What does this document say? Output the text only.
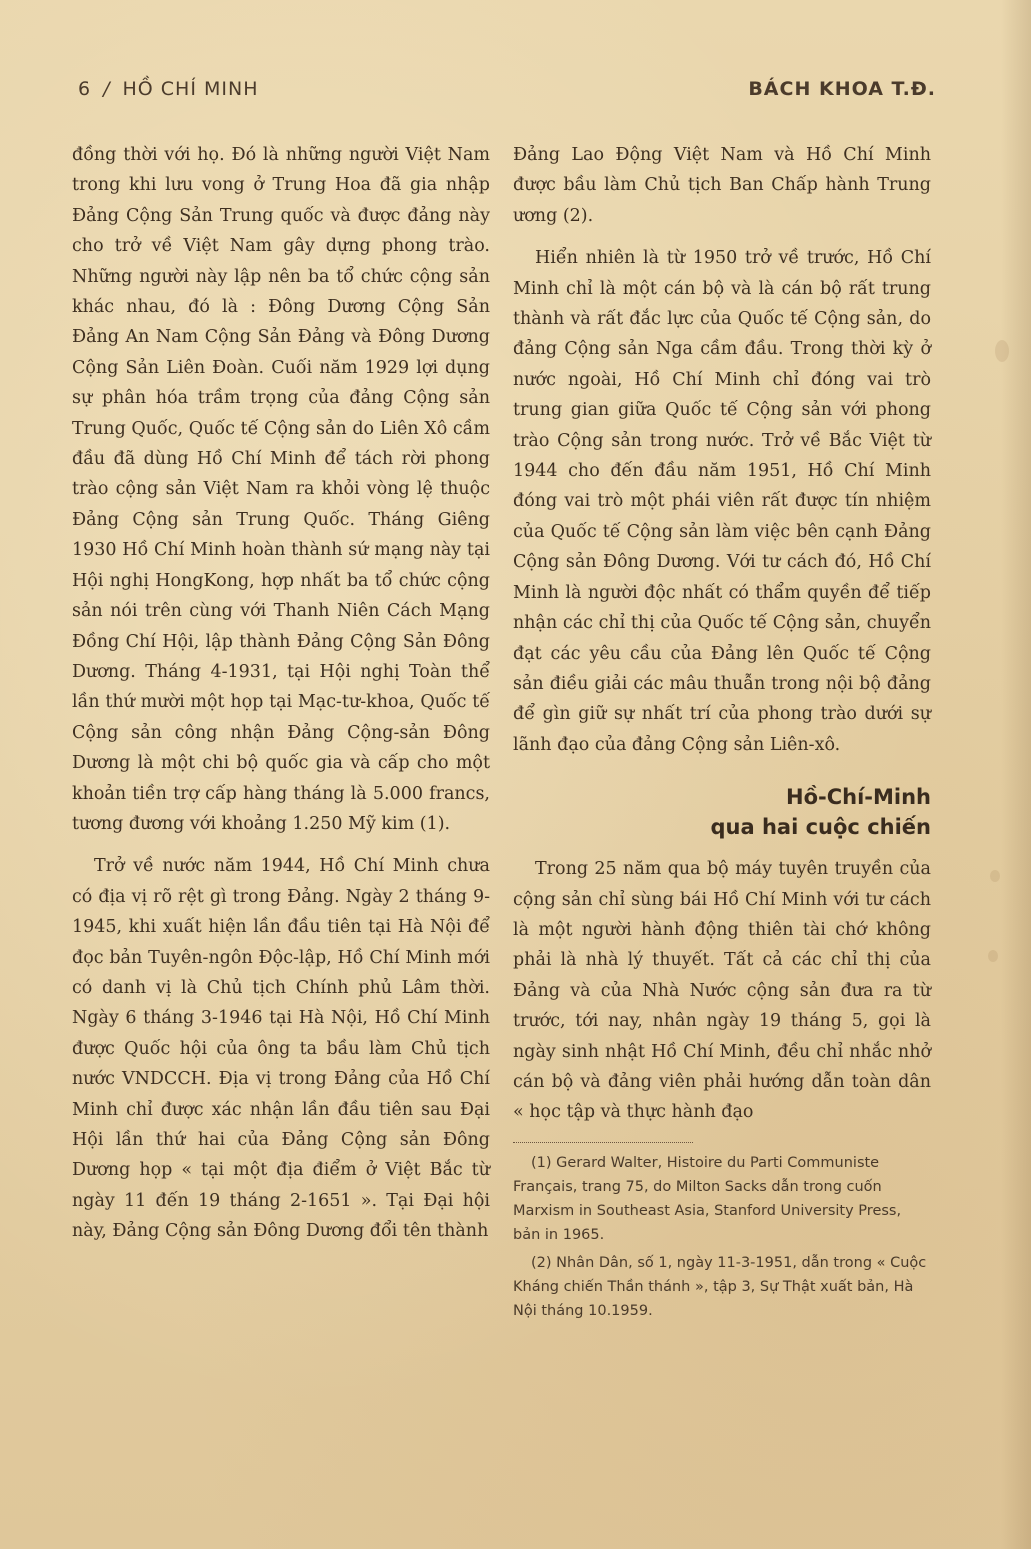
6 / HỒ CHÍ MINH	BÁCH KHOA T.Đ.

đồng thời với họ. Đó là những người Việt Nam trong khi lưu vong ở Trung Hoa đã gia nhập Đảng Cộng Sản Trung quốc và được đảng này cho trở về Việt Nam gây dựng phong trào. Những người này lập nên ba tổ chức cộng sản khác nhau, đó là : Đông Dương Cộng Sản Đảng An Nam Cộng Sản Đảng và Đông Dương Cộng Sản Liên Đoàn. Cuối năm 1929 lợi dụng sự phân hóa trầm trọng của đảng Cộng sản Trung Quốc, Quốc tế Cộng sản do Liên Xô cầm đầu đã dùng Hồ Chí Minh để tách rời phong trào cộng sản Việt Nam ra khỏi vòng lệ thuộc Đảng Cộng sản Trung Quốc. Tháng Giêng 1930 Hồ Chí Minh hoàn thành sứ mạng này tại Hội nghị HongKong, hợp nhất ba tổ chức cộng sản nói trên cùng với Thanh Niên Cách Mạng Đồng Chí Hội, lập thành Đảng Cộng Sản Đông Dương. Tháng 4-1931, tại Hội nghị Toàn thể lần thứ mười một họp tại Mạc-tư-khoa, Quốc tế Cộng sản công nhận Đảng Cộng-sản Đông Dương là một chi bộ quốc gia và cấp cho một khoản tiền trợ cấp hàng tháng là 5.000 francs, tương đương với khoảng 1.250 Mỹ kim (1).

Trở về nước năm 1944, Hồ Chí Minh chưa có địa vị rõ rệt gì trong Đảng. Ngày 2 tháng 9-1945, khi xuất hiện lần đầu tiên tại Hà Nội để đọc bản Tuyên-ngôn Độc-lập, Hồ Chí Minh mới có danh vị là Chủ tịch Chính phủ Lâm thời. Ngày 6 tháng 3-1946 tại Hà Nội, Hồ Chí Minh được Quốc hội của ông ta bầu làm Chủ tịch nước VNDCCH. Địa vị trong Đảng của Hồ Chí Minh chỉ được xác nhận lần đầu tiên sau Đại Hội lần thứ hai của Đảng Cộng sản Đông Dương họp « tại một địa điểm ở Việt Bắc từ ngày 11 đến 19 tháng 2-1651 ». Tại Đại hội này, Đảng Cộng sản Đông Dương đổi tên thành

Đảng Lao Động Việt Nam và Hồ Chí Minh được bầu làm Chủ tịch Ban Chấp hành Trung ương (2).

Hiển nhiên là từ 1950 trở về trước, Hồ Chí Minh chỉ là một cán bộ và là cán bộ rất trung thành và rất đắc lực của Quốc tế Cộng sản, do đảng Cộng sản Nga cầm đầu. Trong thời kỳ ở nước ngoài, Hồ Chí Minh chỉ đóng vai trò trung gian giữa Quốc tế Cộng sản với phong trào Cộng sản trong nước. Trở về Bắc Việt từ 1944 cho đến đầu năm 1951, Hồ Chí Minh đóng vai trò một phái viên rất được tín nhiệm của Quốc tế Cộng sản làm việc bên cạnh Đảng Cộng sản Đông Dương. Với tư cách đó, Hồ Chí Minh là người độc nhất có thẩm quyền để tiếp nhận các chỉ thị của Quốc tế Cộng sản, chuyển đạt các yêu cầu của Đảng lên Quốc tế Cộng sản điều giải các mâu thuẫn trong nội bộ đảng để gìn giữ sự nhất trí của phong trào dưới sự lãnh đạo của đảng Cộng sản Liên-xô.

Hồ-Chí-Minh
qua hai cuộc chiến

Trong 25 năm qua bộ máy tuyên truyền của cộng sản chỉ sùng bái Hồ Chí Minh với tư cách là một người hành động thiên tài chớ không phải là nhà lý thuyết. Tất cả các chỉ thị của Đảng và của Nhà Nước cộng sản đưa ra từ trước, tới nay, nhân ngày 19 tháng 5, gọi là ngày sinh nhật Hồ Chí Minh, đều chỉ nhắc nhở cán bộ và đảng viên phải hướng dẫn toàn dân « học tập và thực hành đạo

(1) Gerard Walter, Histoire du Parti Communiste Français, trang 75, do Milton Sacks dẫn trong cuốn Marxism in Southeast Asia, Stanford University Press, bản in 1965.

(2) Nhân Dân, số 1, ngày 11-3-1951, dẫn trong « Cuộc Kháng chiến Thần thánh », tập 3, Sự Thật xuất bản, Hà Nội tháng 10.1959.
